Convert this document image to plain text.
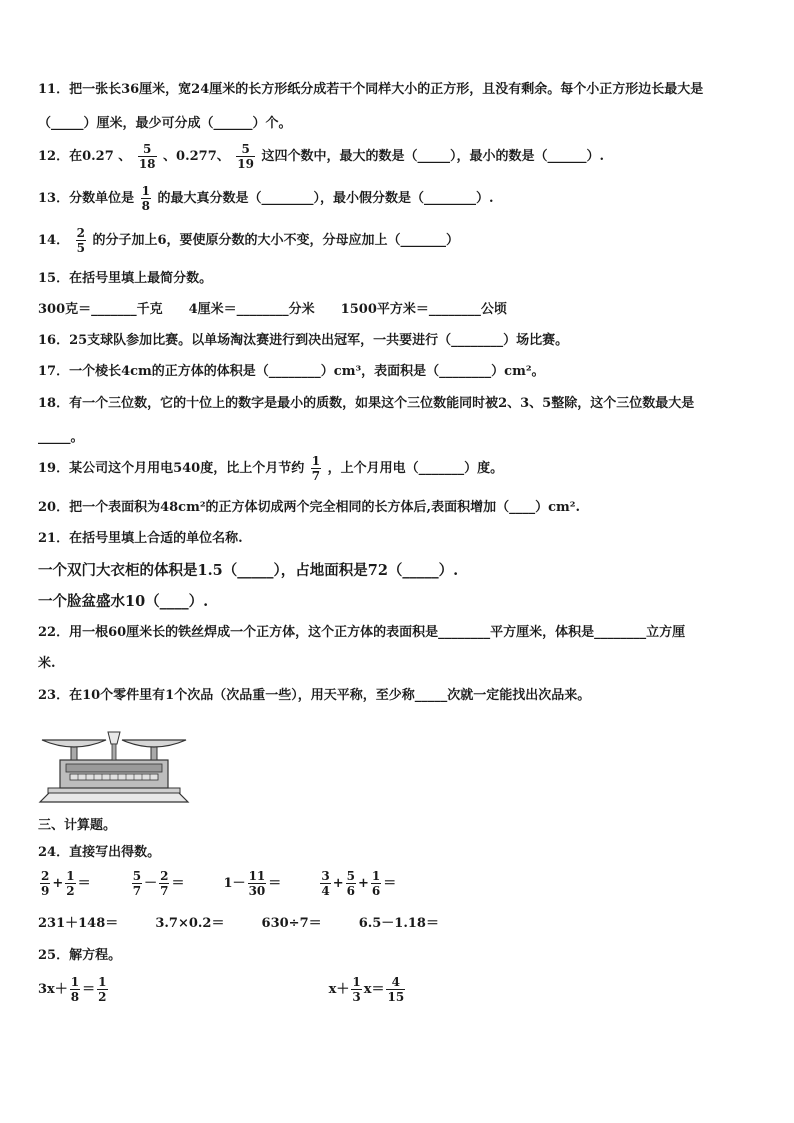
11．把一张长36厘米，宽24厘米的长方形纸分成若干个同样大小的正方形，且没有剩余。每个小正方形边长最大是
（_____）厘米，最少可分成（______）个。
12．在0.27 、 $\frac{5}{18}$ 、0.277、 $\frac{5}{19}$ 这四个数中，最大的数是（_____），最小的数是（______）.
13．分数单位是 $\frac{1}{8}$ 的最大真分数是（________），最小假分数是（________）.
14． $\frac{2}{5}$ 的分子加上6，要使原分数的大小不变，分母应加上（_______）
15．在括号里填上最简分数。
300克＝_______千克　　4厘米＝________分米　　1500平方米＝________公顷
16．25支球队参加比赛。以单场淘汰赛进行到决出冠军，一共要进行（________）场比赛。
17．一个棱长4cm的正方体的体积是（________）cm³，表面积是（________）cm²。
18．有一个三位数，它的十位上的数字是最小的质数，如果这个三位数能同时被2、3、5整除，这个三位数最大是
_____。
19．某公司这个月用电540度，比上个月节约 $\frac{1}{7}$ ，上个月用电（_______）度。
20．把一个表面积为48cm²的正方体切成两个完全相同的长方体后,表面积增加（____）cm².
21．在括号里填上合适的单位名称.
一个双门大衣柜的体积是1.5（_____），占地面积是72（_____）.
一个脸盆盛水10（____）.
22．用一根60厘米长的铁丝焊成一个正方体，这个正方体的表面积是________平方厘米，体积是________立方厘
米.
23．在10个零件里有1个次品（次品重一些），用天平称，至少称_____次就一定能找出次品来。
三、计算题。
24．直接写出得数。
$\frac{2}{9} + \frac{1}{2}$ ＝	$\frac{5}{7} - \frac{2}{7}$ ＝	$1- \frac{11}{30}$ ＝	$\frac{3}{4} + \frac{5}{6} + \frac{1}{6}$ ＝
231＋148＝	3.7×0.2＝	630÷7＝	6.5－1.18＝
25．解方程。
$3x+ \frac{1}{8} = \frac{1}{2}$	$x+ \frac{1}{3} x= \frac{4}{15}$
